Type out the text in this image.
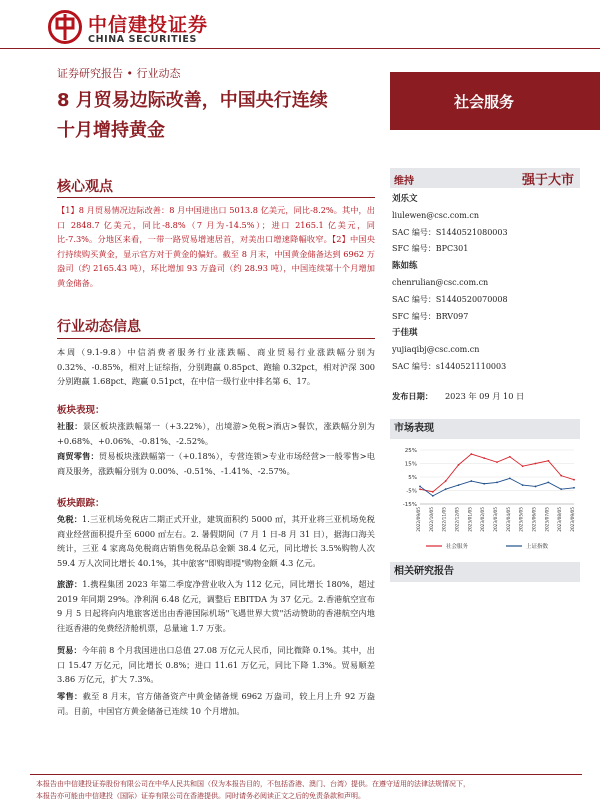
中信建投证券
CHINA SECURITIES
证券研究报告 • 行业动态
8 月贸易边际改善，中国央行连续
十月增持黄金
社会服务
核心观点
【1】8 月贸易情况边际改善：8 月中国进出口 5013.8 亿美元，同比-8.2%。其中，出口 2848.7 亿美元，同比-8.8%（7 月为-14.5%）；进口 2165.1 亿美元，同比-7.3%。分地区来看，一带一路贸易增速居首，对美出口增速降幅收窄。【2】中国央行持续购买黄金，显示官方对于黄金的偏好。截至 8 月末，中国黄金储备达到 6962 万盎司（约 2165.43 吨），环比增加 93 万盎司（约 28.93 吨），中国连续第十个月增加黄金储备。
行业动态信息
本周（9.1-9.8）中信消费者服务行业涨跌幅、商业贸易行业涨跌幅分别为 0.32%、-0.85%，相对上证综指，分别跑赢 0.85pct、跑输 0.32pct，相对沪深 300 分别跑赢 1.68pct、跑赢 0.51pct，在中信一级行业中排名第 6、17。
板块表现：
社服：景区板块涨跌幅第一（+3.22%），出境游>免税>酒店>餐饮，涨跌幅分别为+0.68%、+0.06%、-0.81%、-2.52%。
商贸零售：贸易板块涨跌幅第一（+0.18%），专营连锁>专业市场经营>一般零售>电商及服务，涨跌幅分别为 0.00%、-0.51%、-1.41%、-2.57%。
板块跟踪：
免税：1.三亚机场免税店二期正式开业，建筑面积约 5000 ㎡，其开业将三亚机场免税商业经营面积提升至 6000 ㎡左右。2. 暑假期间（7 月 1 日-8 月 31 日），据海口海关统计，三亚 4 家离岛免税商店销售免税品总金额 38.4 亿元，同比增长 3.5%购物人次 59.4 万人次同比增长 40.1%，其中旅客"即购即提"购物金额 4.3 亿元。
旅游：1.携程集团 2023 年第二季度净营业收入为 112 亿元，同比增长 180%，超过 2019 年同期 29%。净利润 6.48 亿元，调整后 EBITDA 为 37 亿元。2.香港航空宣布 9 月 5 日起将向内地旅客送出由香港国际机场"飞遇世界大赏"活动赞助的香港航空内地往返香港的免费经济舱机票，总量逾 1.7 万张。
贸易：今年前 8 个月我国进出口总值 27.08 万亿元人民币，同比微降 0.1%。其中，出口 15.47 万亿元，同比增长 0.8%；进口 11.61 万亿元，同比下降 1.3%。贸易顺差 3.86 万亿元，扩大 7.3%。
零售：截至 8 月末，官方储备资产中黄金储备规 6962 万盎司，较上月上升 92 万盎司。目前，中国官方黄金储备已连续 10 个月增加。
维持	强于大市
刘乐文
liulewen@csc.com.cn
SAC 编号：S1440521080003
SFC 编号：BPC301
陈如练
chenrulian@csc.com.cn
SAC 编号：S1440520070008
SFC 编号：BRV097
于佳琪
yujiaqibj@csc.com.cn
SAC 编号：s1440521110003
发布日期： 2023 年 09 月 10 日
市场表现
25%
15%
5%
-5%
-15%
2022/09/05 2022/10/05 2022/11/05 2022/12/05 2023/01/05 2023/02/05 2023/03/05 2023/04/05 2023/05/05 2023/06/05 2023/07/05 2023/08/05 2023/09/05
社会服务	上证指数
相关研究报告
本报告由中信建投证券股份有限公司在中华人民共和国（仅为本报告目的，不包括香港、澳门、台湾）提供。在遵守适用的法律法规情况下，
本报告亦可能由中信建投（国际）证券有限公司在香港提供。同时请务必阅读正文之后的免责条款和声明。
